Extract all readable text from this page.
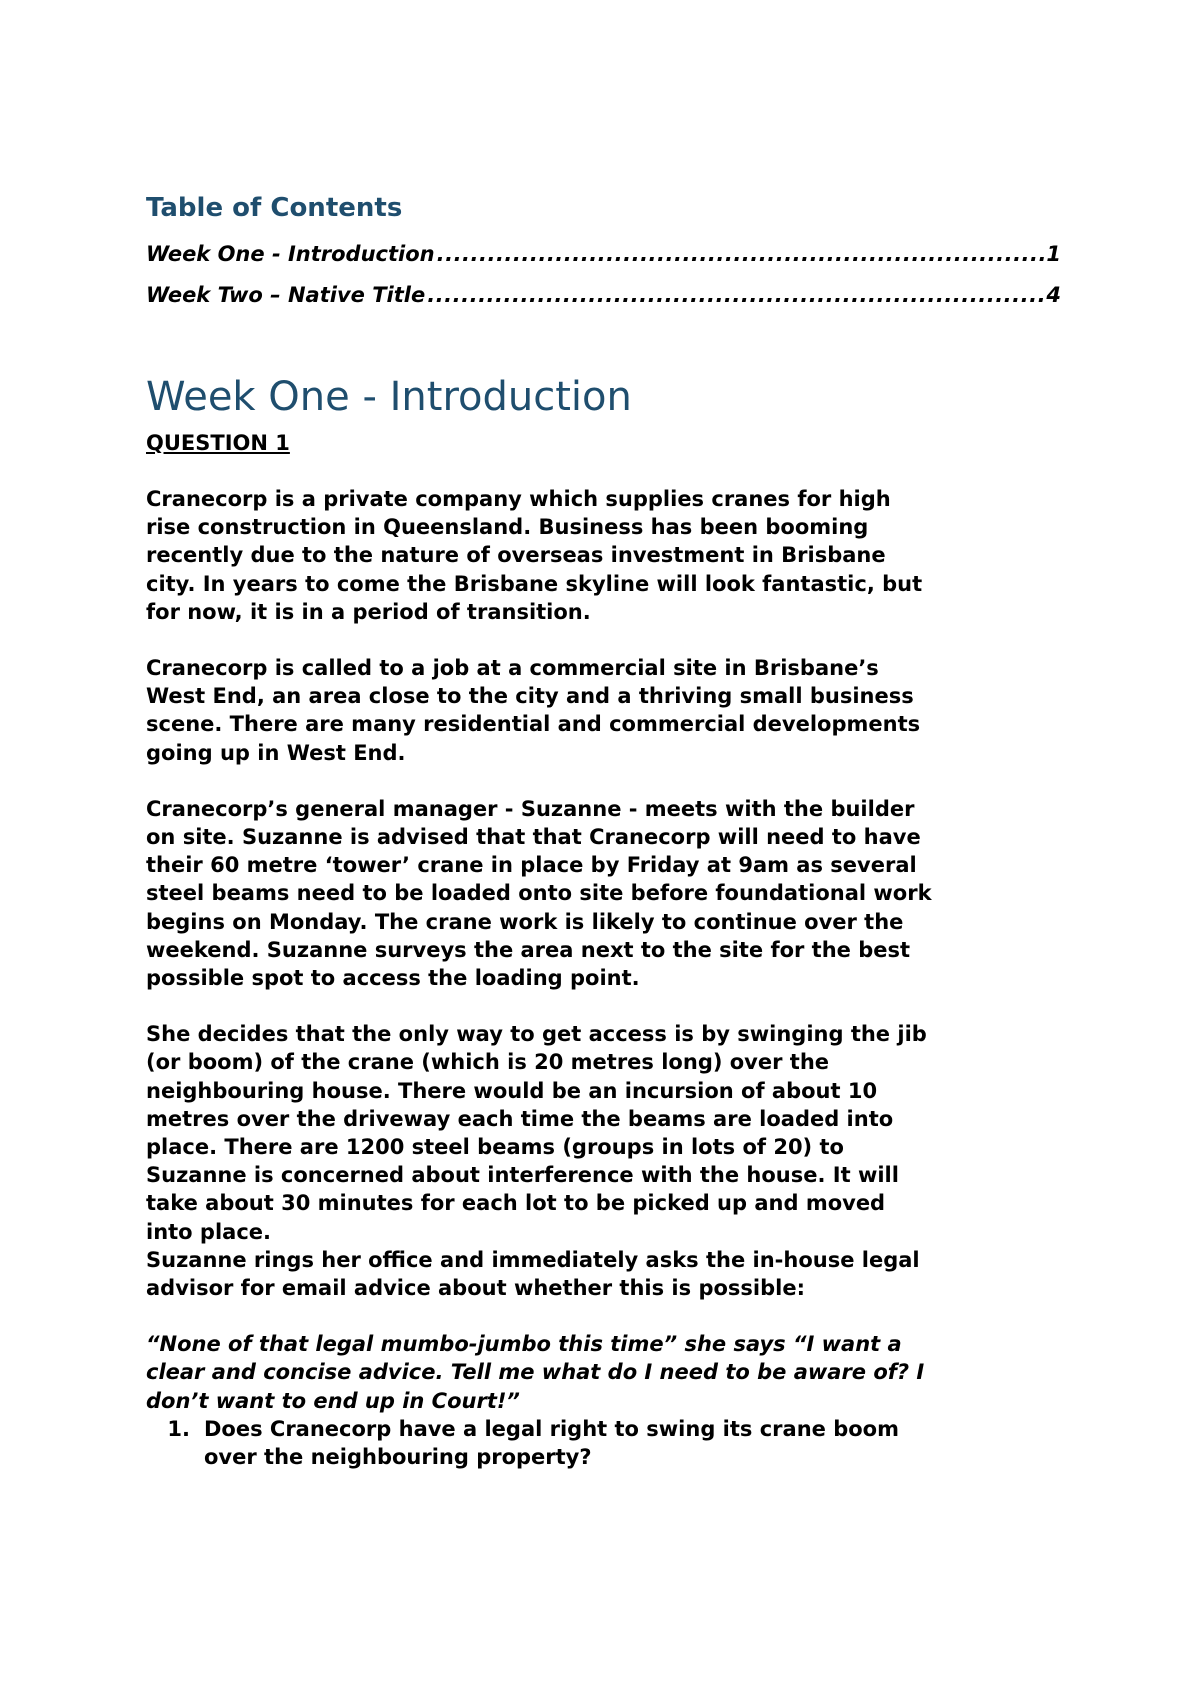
Table of Contents
Week One - Introduction .....	1
Week Two – Native Title .....	4
Week One - Introduction
QUESTION 1

Cranecorp is a private company which supplies cranes for high
rise construction in Queensland. Business has been booming
recently due to the nature of overseas investment in Brisbane
city. In years to come the Brisbane skyline will look fantastic, but
for now, it is in a period of transition.

Cranecorp is called to a job at a commercial site in Brisbane’s
West End, an area close to the city and a thriving small business
scene. There are many residential and commercial developments
going up in West End.

Cranecorp’s general manager - Suzanne - meets with the builder
on site. Suzanne is advised that that Cranecorp will need to have
their 60 metre ‘tower’ crane in place by Friday at 9am as several
steel beams need to be loaded onto site before foundational work
begins on Monday. The crane work is likely to continue over the
weekend. Suzanne surveys the area next to the site for the best
possible spot to access the loading point.

She decides that the only way to get access is by swinging the jib
(or boom) of the crane (which is 20 metres long) over the
neighbouring house. There would be an incursion of about 10
metres over the driveway each time the beams are loaded into
place. There are 1200 steel beams (groups in lots of 20) to
Suzanne is concerned about interference with the house. It will
take about 30 minutes for each lot to be picked up and moved
into place.

Suzanne rings her office and immediately asks the in-house legal
advisor for email advice about whether this is possible:

“None of that legal mumbo-jumbo this time” she says “I want a
clear and concise advice. Tell me what do I need to be aware of? I
don’t want to end up in Court!”

1. Does Cranecorp have a legal right to swing its crane boom
over the neighbouring property?
